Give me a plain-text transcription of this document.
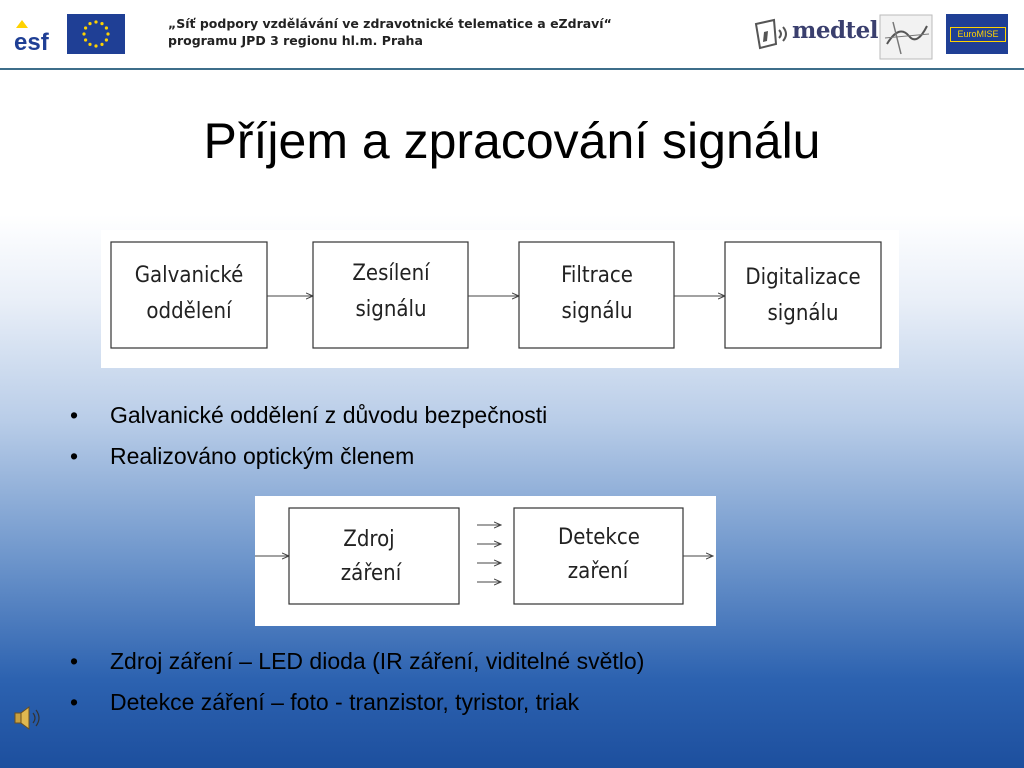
esf
„Síť podpory vzdělávání ve zdravotnické telematice a eZdraví“
programu JPD 3 regionu hl.m. Praha	medtel	EuroMISE
Příjem a zpracování signálu
Galvanické
oddělení
Zesílení
signálu
Filtrace
signálu
Digitalizace
signálu
• Galvanické oddělení z důvodu bezpečnosti
• Realizováno optickým členem
Zdroj
záření
Detekce
zaření
• Zdroj záření – LED dioda (IR záření, viditelné světlo)
• Detekce záření – foto - tranzistor, tyristor, triak
